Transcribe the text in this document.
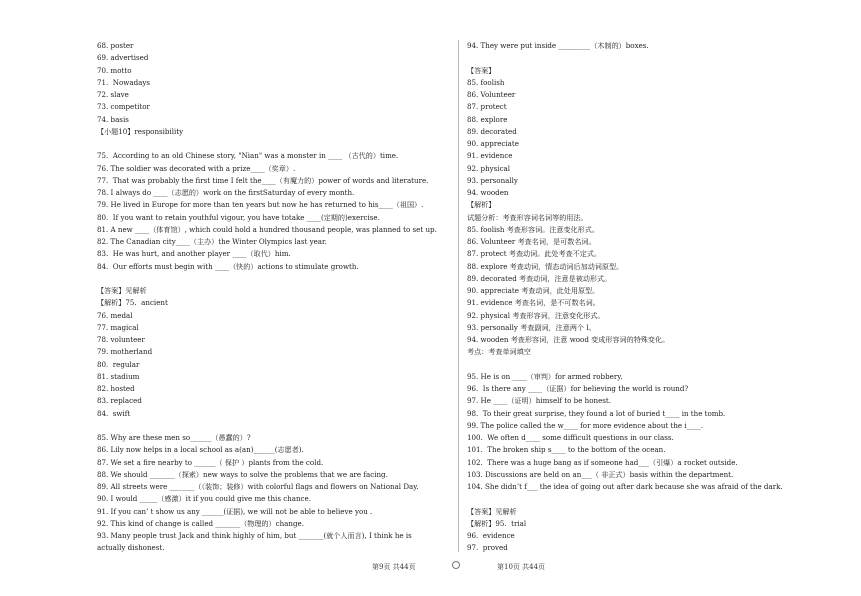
68. poster
69. advertised
70. motto
71.  Nowadays
72. slave
73. competitor
74. basis
【小题10】responsibility
75.  According to an old Chinese story, "Nian" was a monster in ____ （古代的）time.
76. The soldier was decorated with a prize____（奖章）.
77.  That was probably the first time I felt the____（有魔力的）power of words and literature.
78. I always do ____（志愿的）work on the firstSaturday of every month.
79. He lived in Europe for more than ten years but now he has returned to his____（祖国）.
80.  If you want to retain youthful vigour, you have totake ____(定期的)exercise.
81. A new ____（体育馆）, which could hold a hundred thousand people, was planned to set up.
82. The Canadian city____（主办）the Winter Olympics last year.
83.  He was hurt, and another player ____（取代）him.
84.  Our efforts must begin with ____（快的）actions to stimulate growth.
【答案】见解析
【解析】75.  ancient
76. medal
77. magical
78. volunteer
79. motherland
80.  regular
81. stadium
82. hosted
83. replaced
84.  swift
85. Why are these men so______（愚蠢的）?
86. Lily now helps in a local school as a(an)______(志愿者).
87. We set a fire nearby to ______（ 保护 ）plants from the cold.
88. We should _______（探索）new ways to solve the problems that we are facing.
89. All streets were _______（（装饰；装修）with colorful flags and flowers on National Day.
90. I would _____（感激）it if you could give me this chance.
91. If you can’ t show us any ______(证据), we will not be able to believe you .
92. This kind of change is called _______（物理的）change.
93. Many people trust Jack and think highly of him, but _______(就个人而言), I think he is
actually dishonest.
94. They were put inside _________（木制的）boxes.
【答案】
85. foolish
86. Volunteer
87. protect
88. explore
89. decorated
90. appreciate
91. evidence
92. physical
93. personally
94. wooden
【解析】
试题分析：考查形容词名词等的用法。
85. foolish 考查形容词。注意变化形式。
86. Volunteer 考查名词，是可数名词。
87. protect 考查动词。此处考查不定式。
88. explore 考查动词，情态动词后加动词原型。
89. decorated 考查动词，注意是被动形式。
90. appreciate 考查动词，此处用原型。
91. evidence 考查名词，是不可数名词。
92. physical 考查形容词，注意变化形式。
93. personally 考查副词，注意两个 l。
94. wooden 考查形容词，注意 wood 变成形容词的特殊变化。
考点：考查单词填空
95. He is on ____（审判）for armed robbery.
96.  Is there any ____（证据）for believing the world is round?
97. He ____（证明）himself to be honest.
98.  To their great surprise, they found a lot of buried t____ in the tomb.
99. The police called the w____ for more evidence about the i____.
100.  We often d____ some difficult questions in our class.
101.  The broken ship s____ to the bottom of the ocean.
102.  There was a huge bang as if someone had___（引爆）a rocket outside.
103. Discussions are held on an___（ 非正式）basis within the department.
104. She didn’t f___ the idea of going out after dark because she was afraid of the dark.
【答案】见解析
【解析】95.  trial
96.  evidence
97.  proved
第9页 共44页	第10页 共44页
